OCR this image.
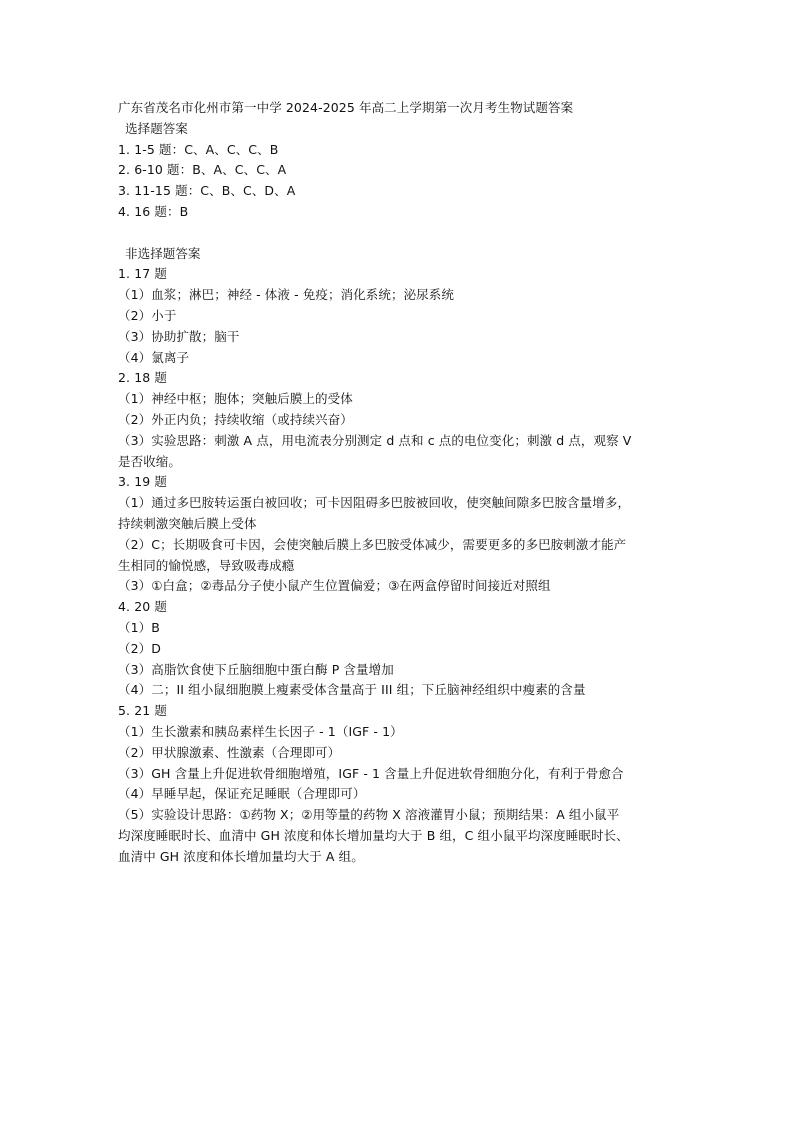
广东省茂名市化州市第一中学 2024-2025 年高二上学期第一次月考生物试题答案
选择题答案
1. 1-5 题：C、A、C、C、B
2. 6-10 题：B、A、C、C、A
3. 11-15 题：C、B、C、D、A
4. 16 题：B
非选择题答案
1. 17 题
（1）血浆；淋巴；神经 - 体液 - 免疫；消化系统；泌尿系统
（2）小于
（3）协助扩散；脑干
（4）氯离子
2. 18 题
（1）神经中枢；胞体；突触后膜上的受体
（2）外正内负；持续收缩（或持续兴奋）
（3）实验思路：刺激 A 点，用电流表分别测定 d 点和 c 点的电位变化；刺激 d 点，观察 V
是否收缩。
3. 19 题
（1）通过多巴胺转运蛋白被回收；可卡因阻碍多巴胺被回收，使突触间隙多巴胺含量增多，
持续刺激突触后膜上受体
（2）C；长期吸食可卡因，会使突触后膜上多巴胺受体减少，需要更多的多巴胺刺激才能产
生相同的愉悦感，导致吸毒成瘾
（3）①白盒；②毒品分子使小鼠产生位置偏爱；③在两盒停留时间接近对照组
4. 20 题
（1）B
（2）D
（3）高脂饮食使下丘脑细胞中蛋白酶 P 含量增加
（4）二；II 组小鼠细胞膜上瘦素受体含量高于 III 组；下丘脑神经组织中瘦素的含量
5. 21 题
（1）生长激素和胰岛素样生长因子 - 1（IGF - 1）
（2）甲状腺激素、性激素（合理即可）
（3）GH 含量上升促进软骨细胞增殖，IGF - 1 含量上升促进软骨细胞分化，有利于骨愈合
（4）早睡早起，保证充足睡眠（合理即可）
（5）实验设计思路：①药物 X；②用等量的药物 X 溶液灌胃小鼠；预期结果：A 组小鼠平
均深度睡眠时长、血清中 GH 浓度和体长增加量均大于 B 组，C 组小鼠平均深度睡眠时长、
血清中 GH 浓度和体长增加量均大于 A 组。
